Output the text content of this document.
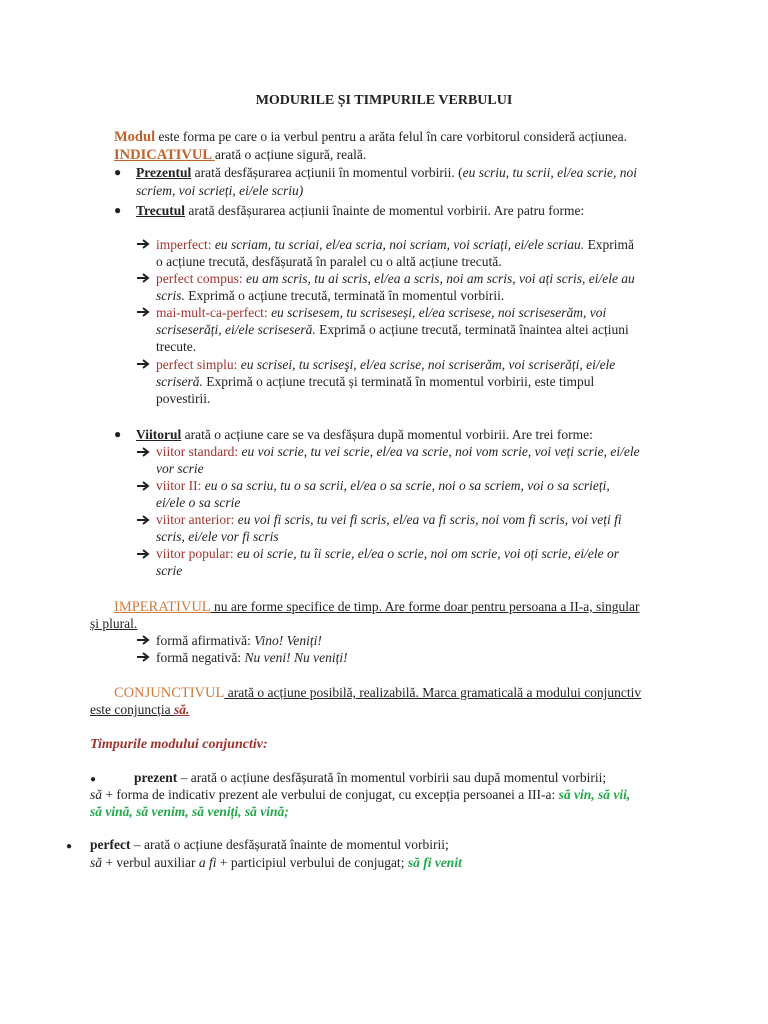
MODURILE ȘI TIMPURILE VERBULUI
Modul este forma pe care o ia verbul pentru a arăta felul în care vorbitorul consideră acțiunea.
INDICATIVUL arată o acțiune sigură, reală.
● Prezentul arată desfășurarea acțiunii în momentul vorbirii. (eu scriu, tu scrii, el/ea scrie, noi
scriem, voi scrieți, ei/ele scriu)
● Trecutul arată desfășurarea acțiunii înainte de momentul vorbirii. Are patru forme:
imperfect: eu scriam, tu scriai, el/ea scria, noi scriam, voi scriați, ei/ele scriau. Exprimă
o acțiune trecută, desfășurată în paralel cu o altă acțiune trecută.
perfect compus: eu am scris, tu ai scris, el/ea a scris, noi am scris, voi ați scris, ei/ele au
scris. Exprimă o acțiune trecută, terminată în momentul vorbirii.
mai-mult-ca-perfect: eu scrisesem, tu scriseseși, el/ea scrisese, noi scriseserăm, voi
scriseserăți, ei/ele scriseseră. Exprimă o acțiune trecută, terminată înaintea altei acțiuni
trecute.
perfect simplu: eu scrisei, tu scriseşi, el/ea scrise, noi scriserăm, voi scriserăți, ei/ele
scriseră. Exprimă o acțiune trecută și terminată în momentul vorbirii, este timpul
povestirii.
● Viitorul arată o acțiune care se va desfășura după momentul vorbirii. Are trei forme:
viitor standard: eu voi scrie, tu vei scrie, el/ea va scrie, noi vom scrie, voi veți scrie, ei/ele
vor scrie
viitor II: eu o sa scriu, tu o sa scrii, el/ea o sa scrie, noi o sa scriem, voi o sa scrieți,
ei/ele o sa scrie
viitor anterior: eu voi fi scris, tu vei fi scris, el/ea va fi scris, noi vom fi scris, voi veți fi
scris, ei/ele vor fi scris
viitor popular: eu oi scrie, tu îi scrie, el/ea o scrie, noi om scrie, voi oți scrie, ei/ele or
scrie
IMPERATIVUL nu are forme specifice de timp. Are forme doar pentru persoana a II-a, singular
și plural.
formă afirmativă: Vino! Veniți!
formă negativă: Nu veni! Nu veniți!
CONJUNCTIVUL arată o acțiune posibilă, realizabilă. Marca gramaticală a modului conjunctiv
este conjuncția să.
Timpurile modului conjunctiv:
●	prezent – arată o acțiune desfășurată în momentul vorbirii sau după momentul vorbirii;
să + forma de indicativ prezent ale verbului de conjugat, cu excepția persoanei a III-a: să vin, să vii,
să vină, să venim, să veniți, să vină;
● perfect – arată o acțiune desfășurată înainte de momentul vorbirii;
să + verbul auxiliar a fi + participiul verbului de conjugat; să fi venit
